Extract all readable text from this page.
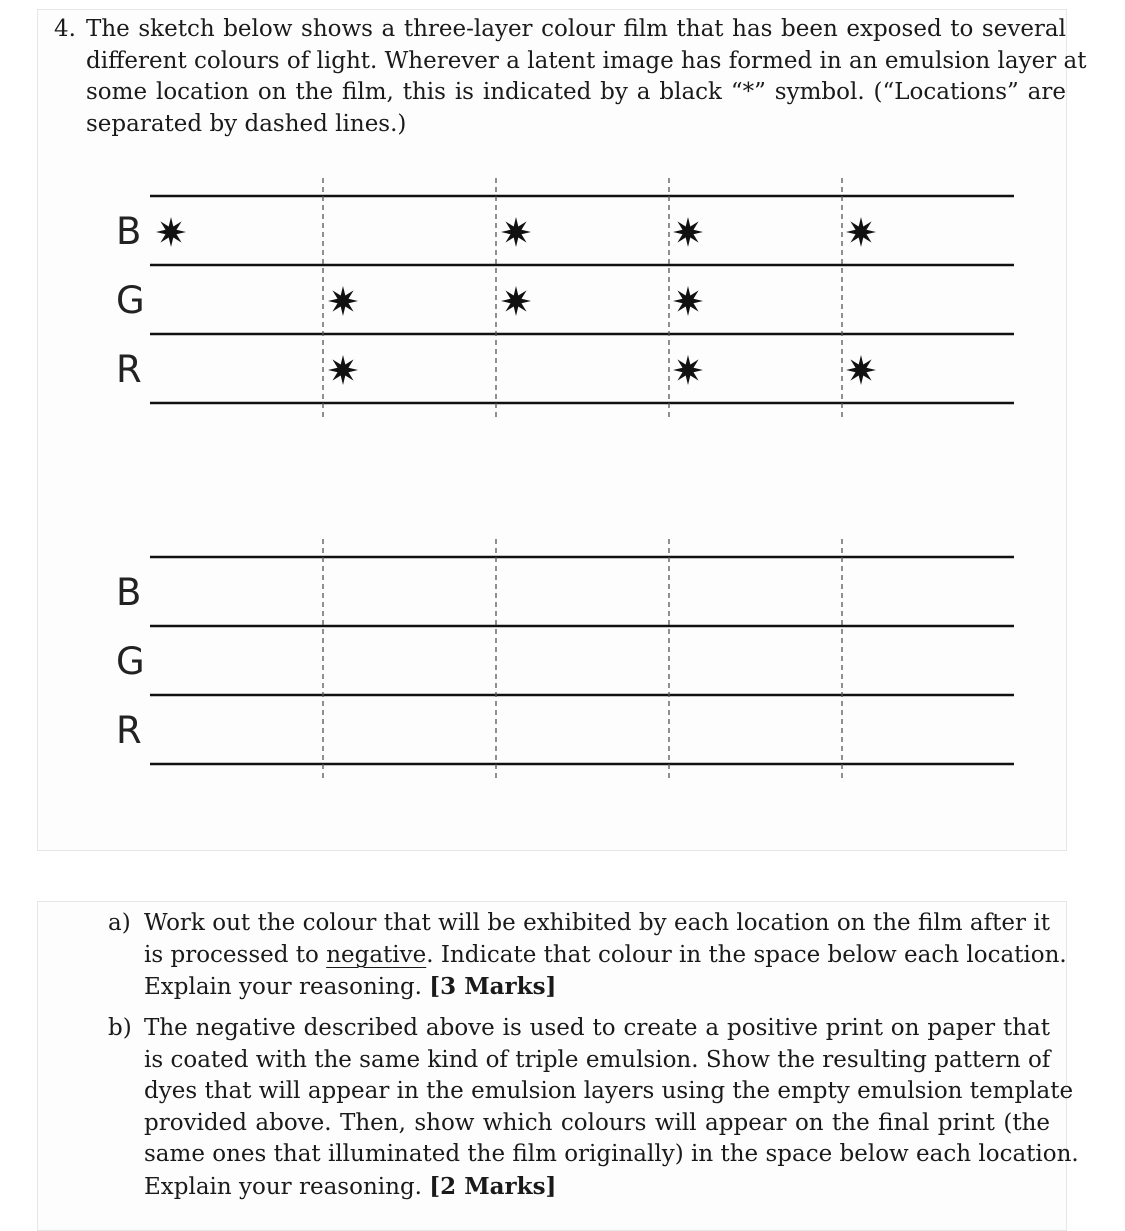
4. The sketch below shows a three-layer colour film that has been exposed to several
different colours of light. Wherever a latent image has formed in an emulsion layer at
some location on the film, this is indicated by a black “*” symbol. (“Locations” are
separated by dashed lines.)
B
G
R
B
G
R
a) Work out the colour that will be exhibited by each location on the film after it
is processed to negative. Indicate that colour in the space below each location.
Explain your reasoning. [3 Marks]
b) The negative described above is used to create a positive print on paper that
is coated with the same kind of triple emulsion. Show the resulting pattern of
dyes that will appear in the emulsion layers using the empty emulsion template
provided above. Then, show which colours will appear on the final print (the
same ones that illuminated the film originally) in the space below each location.
Explain your reasoning. [2 Marks]
